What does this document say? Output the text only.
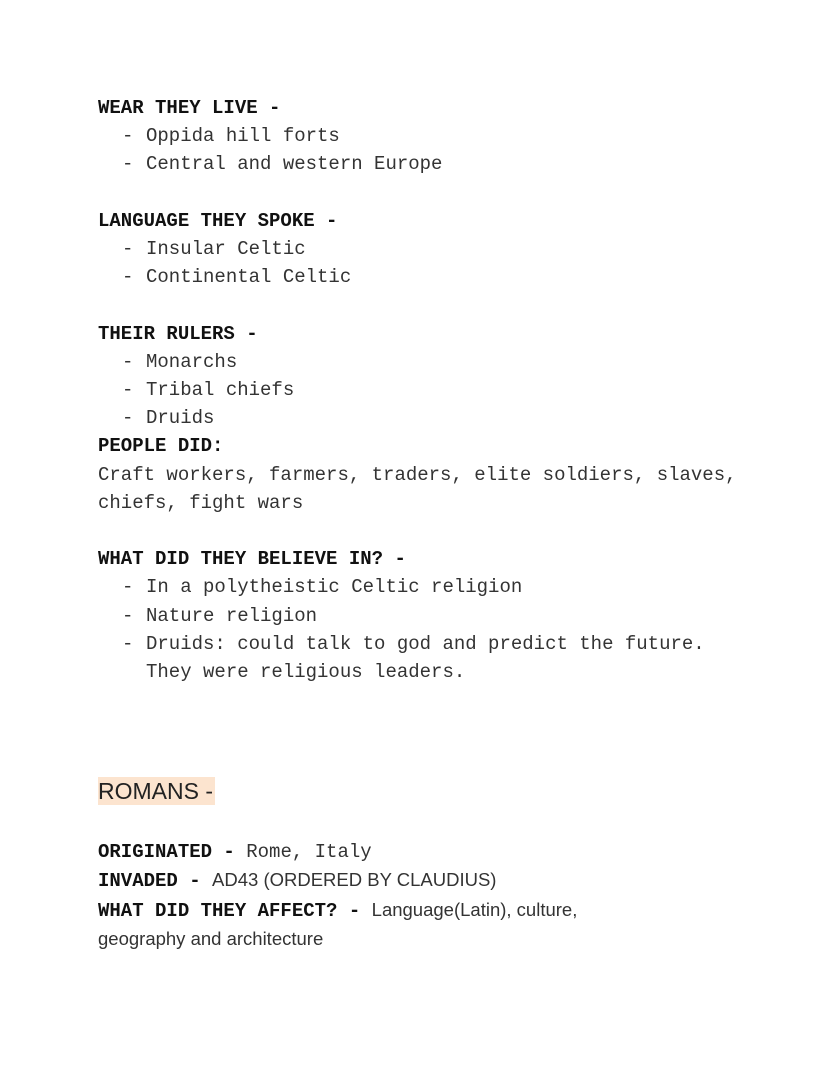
WEAR THEY LIVE -
- Oppida hill forts
- Central and western Europe
LANGUAGE THEY SPOKE -
- Insular Celtic
- Continental Celtic
THEIR RULERS -
- Monarchs
- Tribal chiefs
- Druids
PEOPLE DID:
Craft workers, farmers, traders, elite soldiers, slaves, chiefs, fight wars
WHAT DID THEY BELIEVE IN? -
- In a polytheistic Celtic religion
- Nature religion
- Druids: could talk to god and predict the future. They were religious leaders.
ROMANS -
ORIGINATED - Rome, Italy
INVADED - AD43 (ORDERED BY CLAUDIUS)
WHAT DID THEY AFFECT? - Language(Latin), culture,
geography and architecture
